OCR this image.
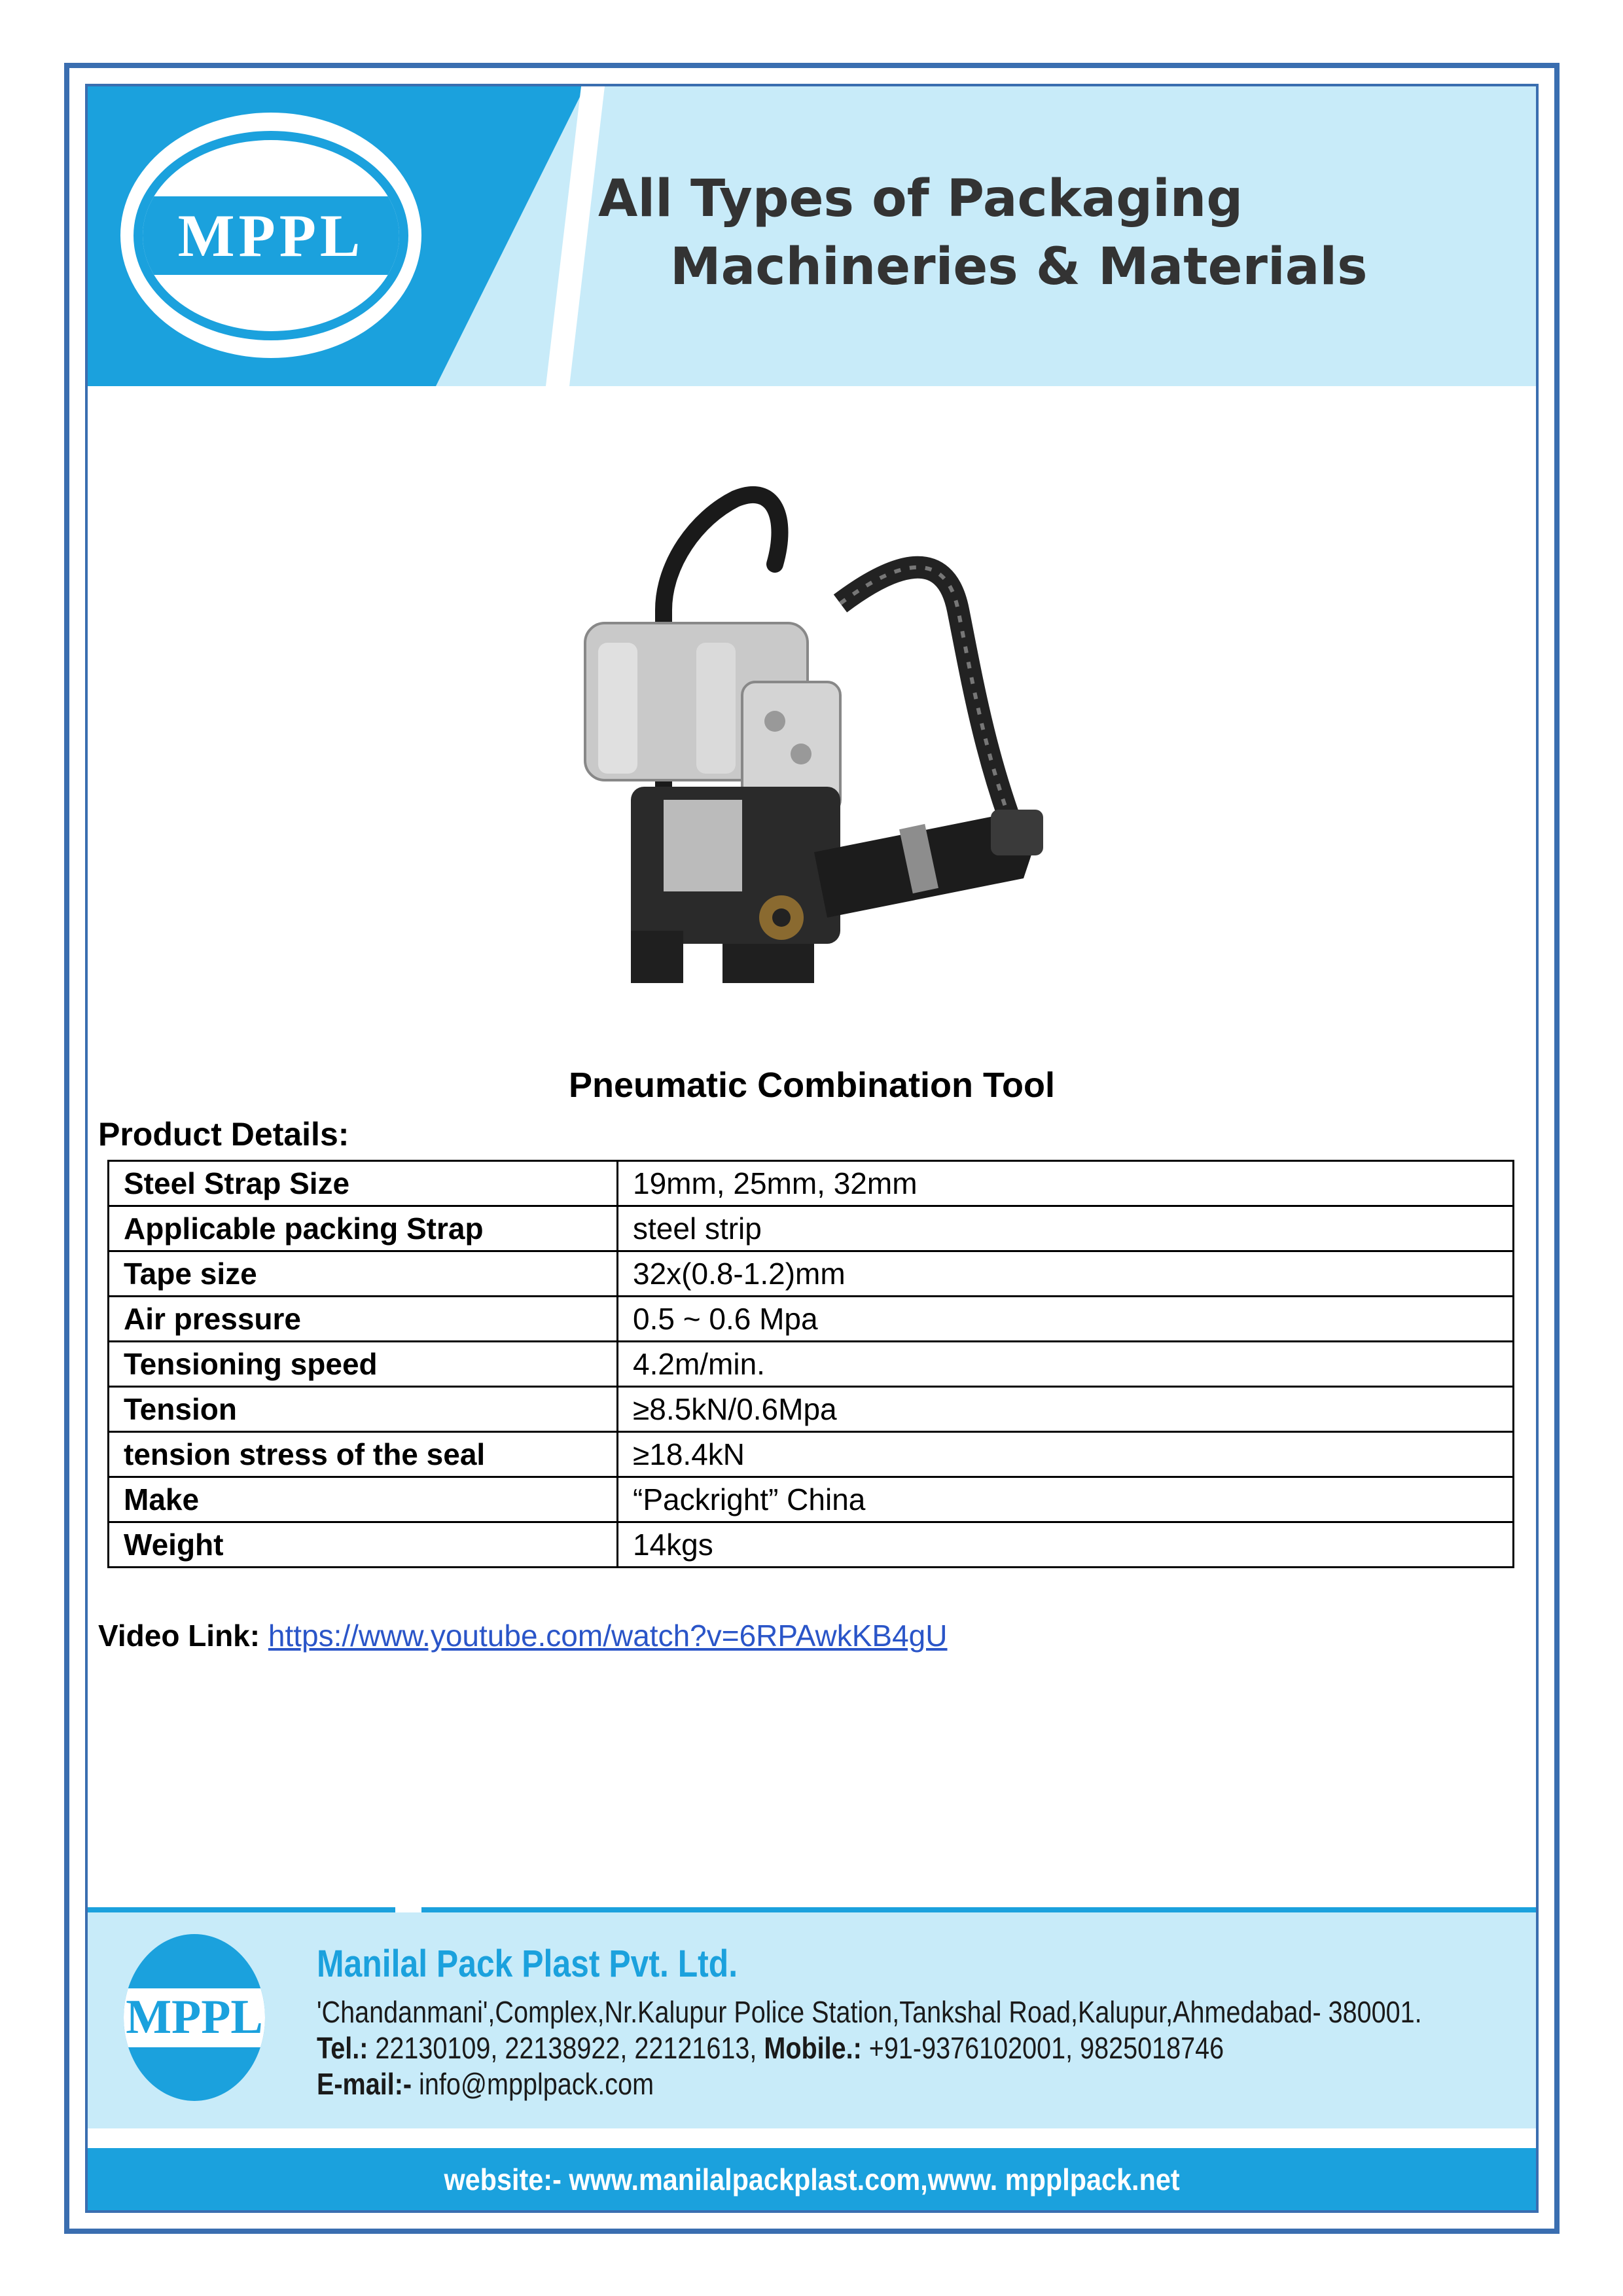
MPPL
All Types of Packaging
Machineries & Materials
Pneumatic Combination Tool
Product Details:
Steel Strap Size	19mm, 25mm, 32mm
Applicable packing Strap	steel strip
Tape size	32x(0.8-1.2)mm
Air pressure	0.5 ~ 0.6 Mpa
Tensioning speed	4.2m/min.
Tension	≥8.5kN/0.6Mpa
tension stress of the seal	≥18.4kN
Make	“Packright” China
Weight	14kgs
Video Link: https://www.youtube.com/watch?v=6RPAwkKB4gU
MPPL
Manilal Pack Plast Pvt. Ltd.
'Chandanmani',Complex,Nr.Kalupur Police Station,Tankshal Road,Kalupur,Ahmedabad- 380001.
Tel.: 22130109, 22138922, 22121613, Mobile.: +91-9376102001, 9825018746
E-mail:- info@mpplpack.com
website:- www.manilalpackplast.com,www. mpplpack.net
